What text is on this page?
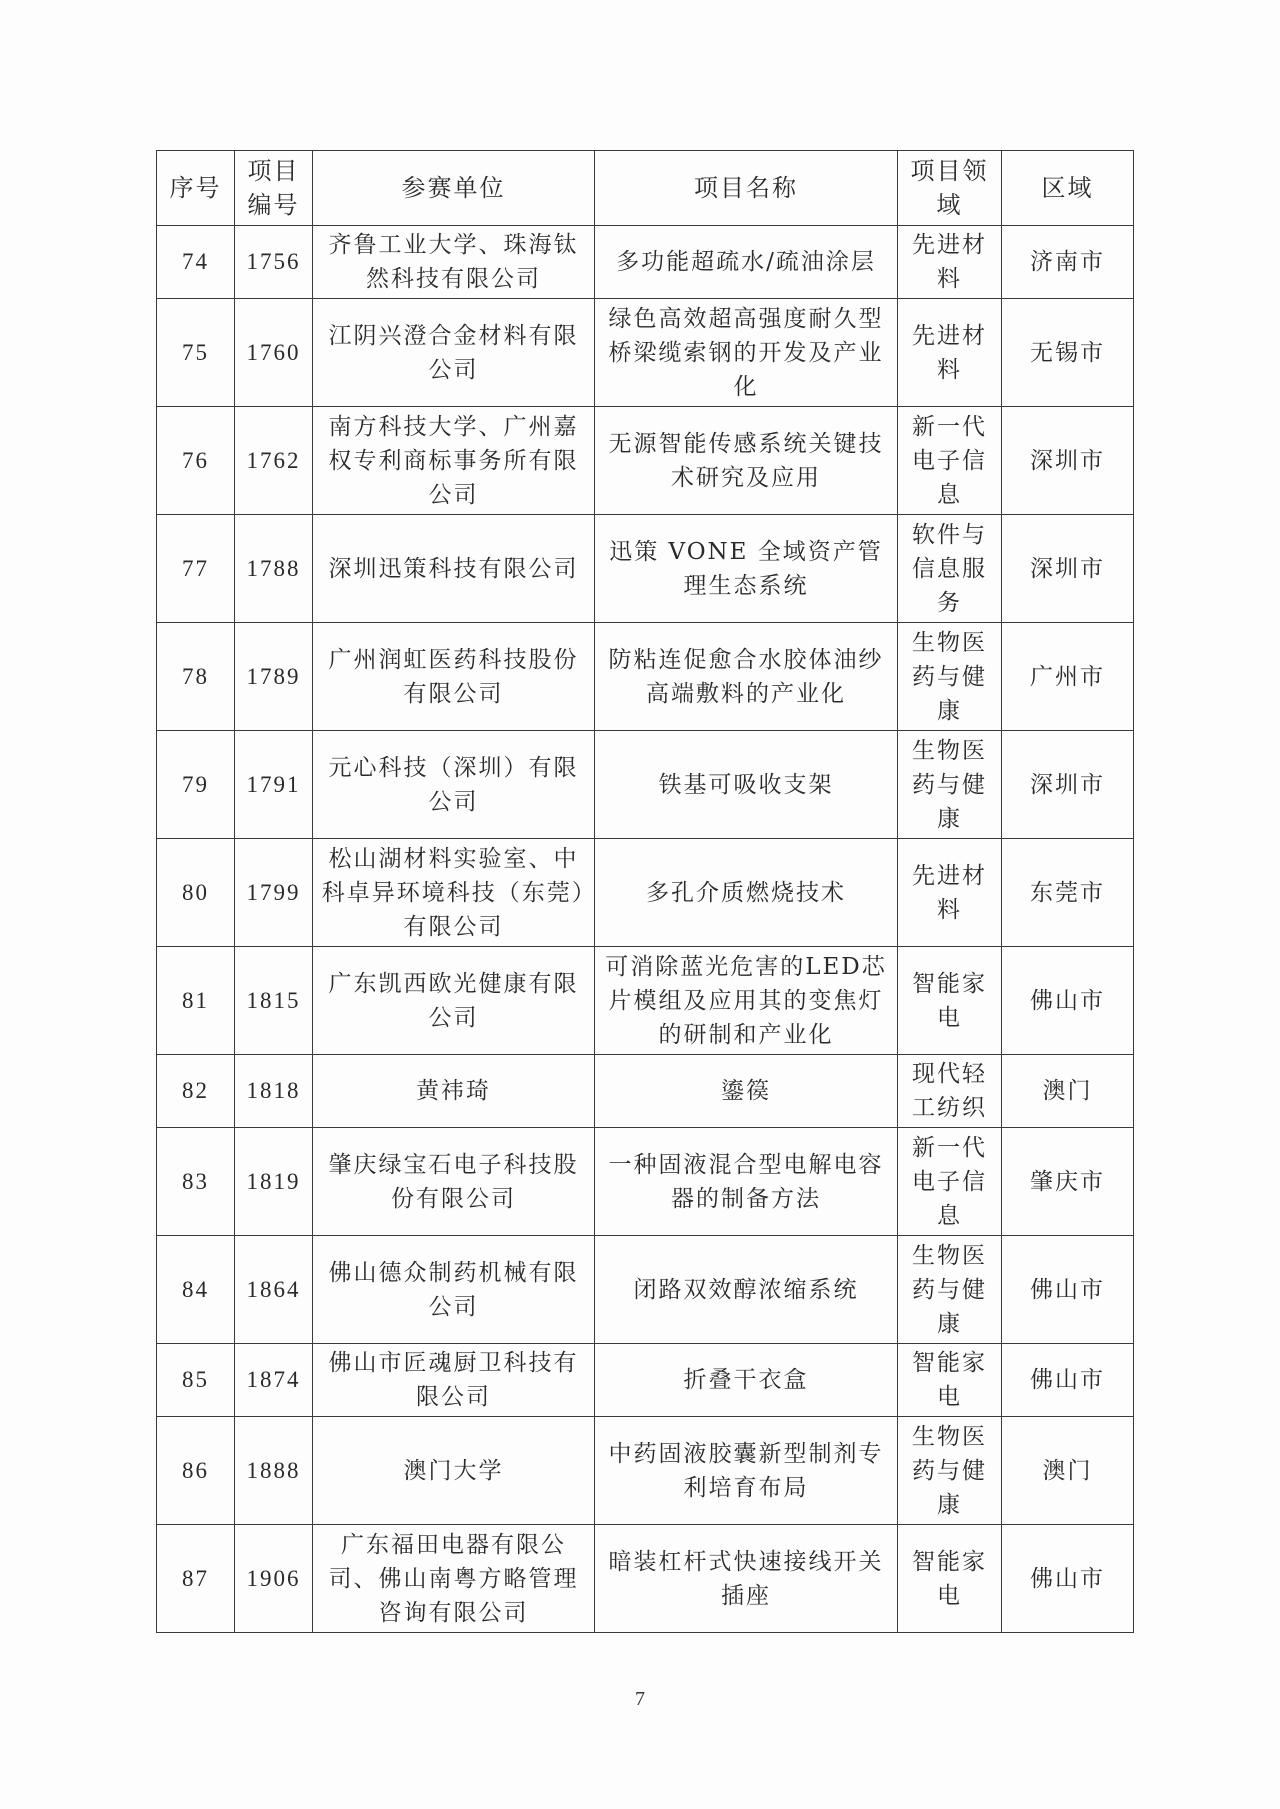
序号	项目编号	参赛单位	项目名称	项目领域	区域
74	1756	齐鲁工业大学、珠海钛然科技有限公司	多功能超疏水/疏油涂层	先进材料	济南市
75	1760	江阴兴澄合金材料有限公司	绿色高效超高强度耐久型桥梁缆索钢的开发及产业化	先进材料	无锡市
76	1762	南方科技大学、广州嘉权专利商标事务所有限公司	无源智能传感系统关键技术研究及应用	新一代电子信息	深圳市
77	1788	深圳迅策科技有限公司	迅策 VONE 全域资产管理生态系统	软件与信息服务	深圳市
78	1789	广州润虹医药科技股份有限公司	防粘连促愈合水胶体油纱高端敷料的产业化	生物医药与健康	广州市
79	1791	元心科技（深圳）有限公司	铁基可吸收支架	生物医药与健康	深圳市
80	1799	松山湖材料实验室、中科卓异环境科技（东莞）有限公司	多孔介质燃烧技术	先进材料	东莞市
81	1815	广东凯西欧光健康有限公司	可消除蓝光危害的LED芯片模组及应用其的变焦灯的研制和产业化	智能家电	佛山市
82	1818	黄祎琦	鎏篌	现代轻工纺织	澳门
83	1819	肇庆绿宝石电子科技股份有限公司	一种固液混合型电解电容器的制备方法	新一代电子信息	肇庆市
84	1864	佛山德众制药机械有限公司	闭路双效醇浓缩系统	生物医药与健康	佛山市
85	1874	佛山市匠魂厨卫科技有限公司	折叠干衣盒	智能家电	佛山市
86	1888	澳门大学	中药固液胶囊新型制剂专利培育布局	生物医药与健康	澳门
87	1906	广东福田电器有限公司、佛山南粤方略管理咨询有限公司	暗装杠杆式快速接线开关插座	智能家电	佛山市
7
